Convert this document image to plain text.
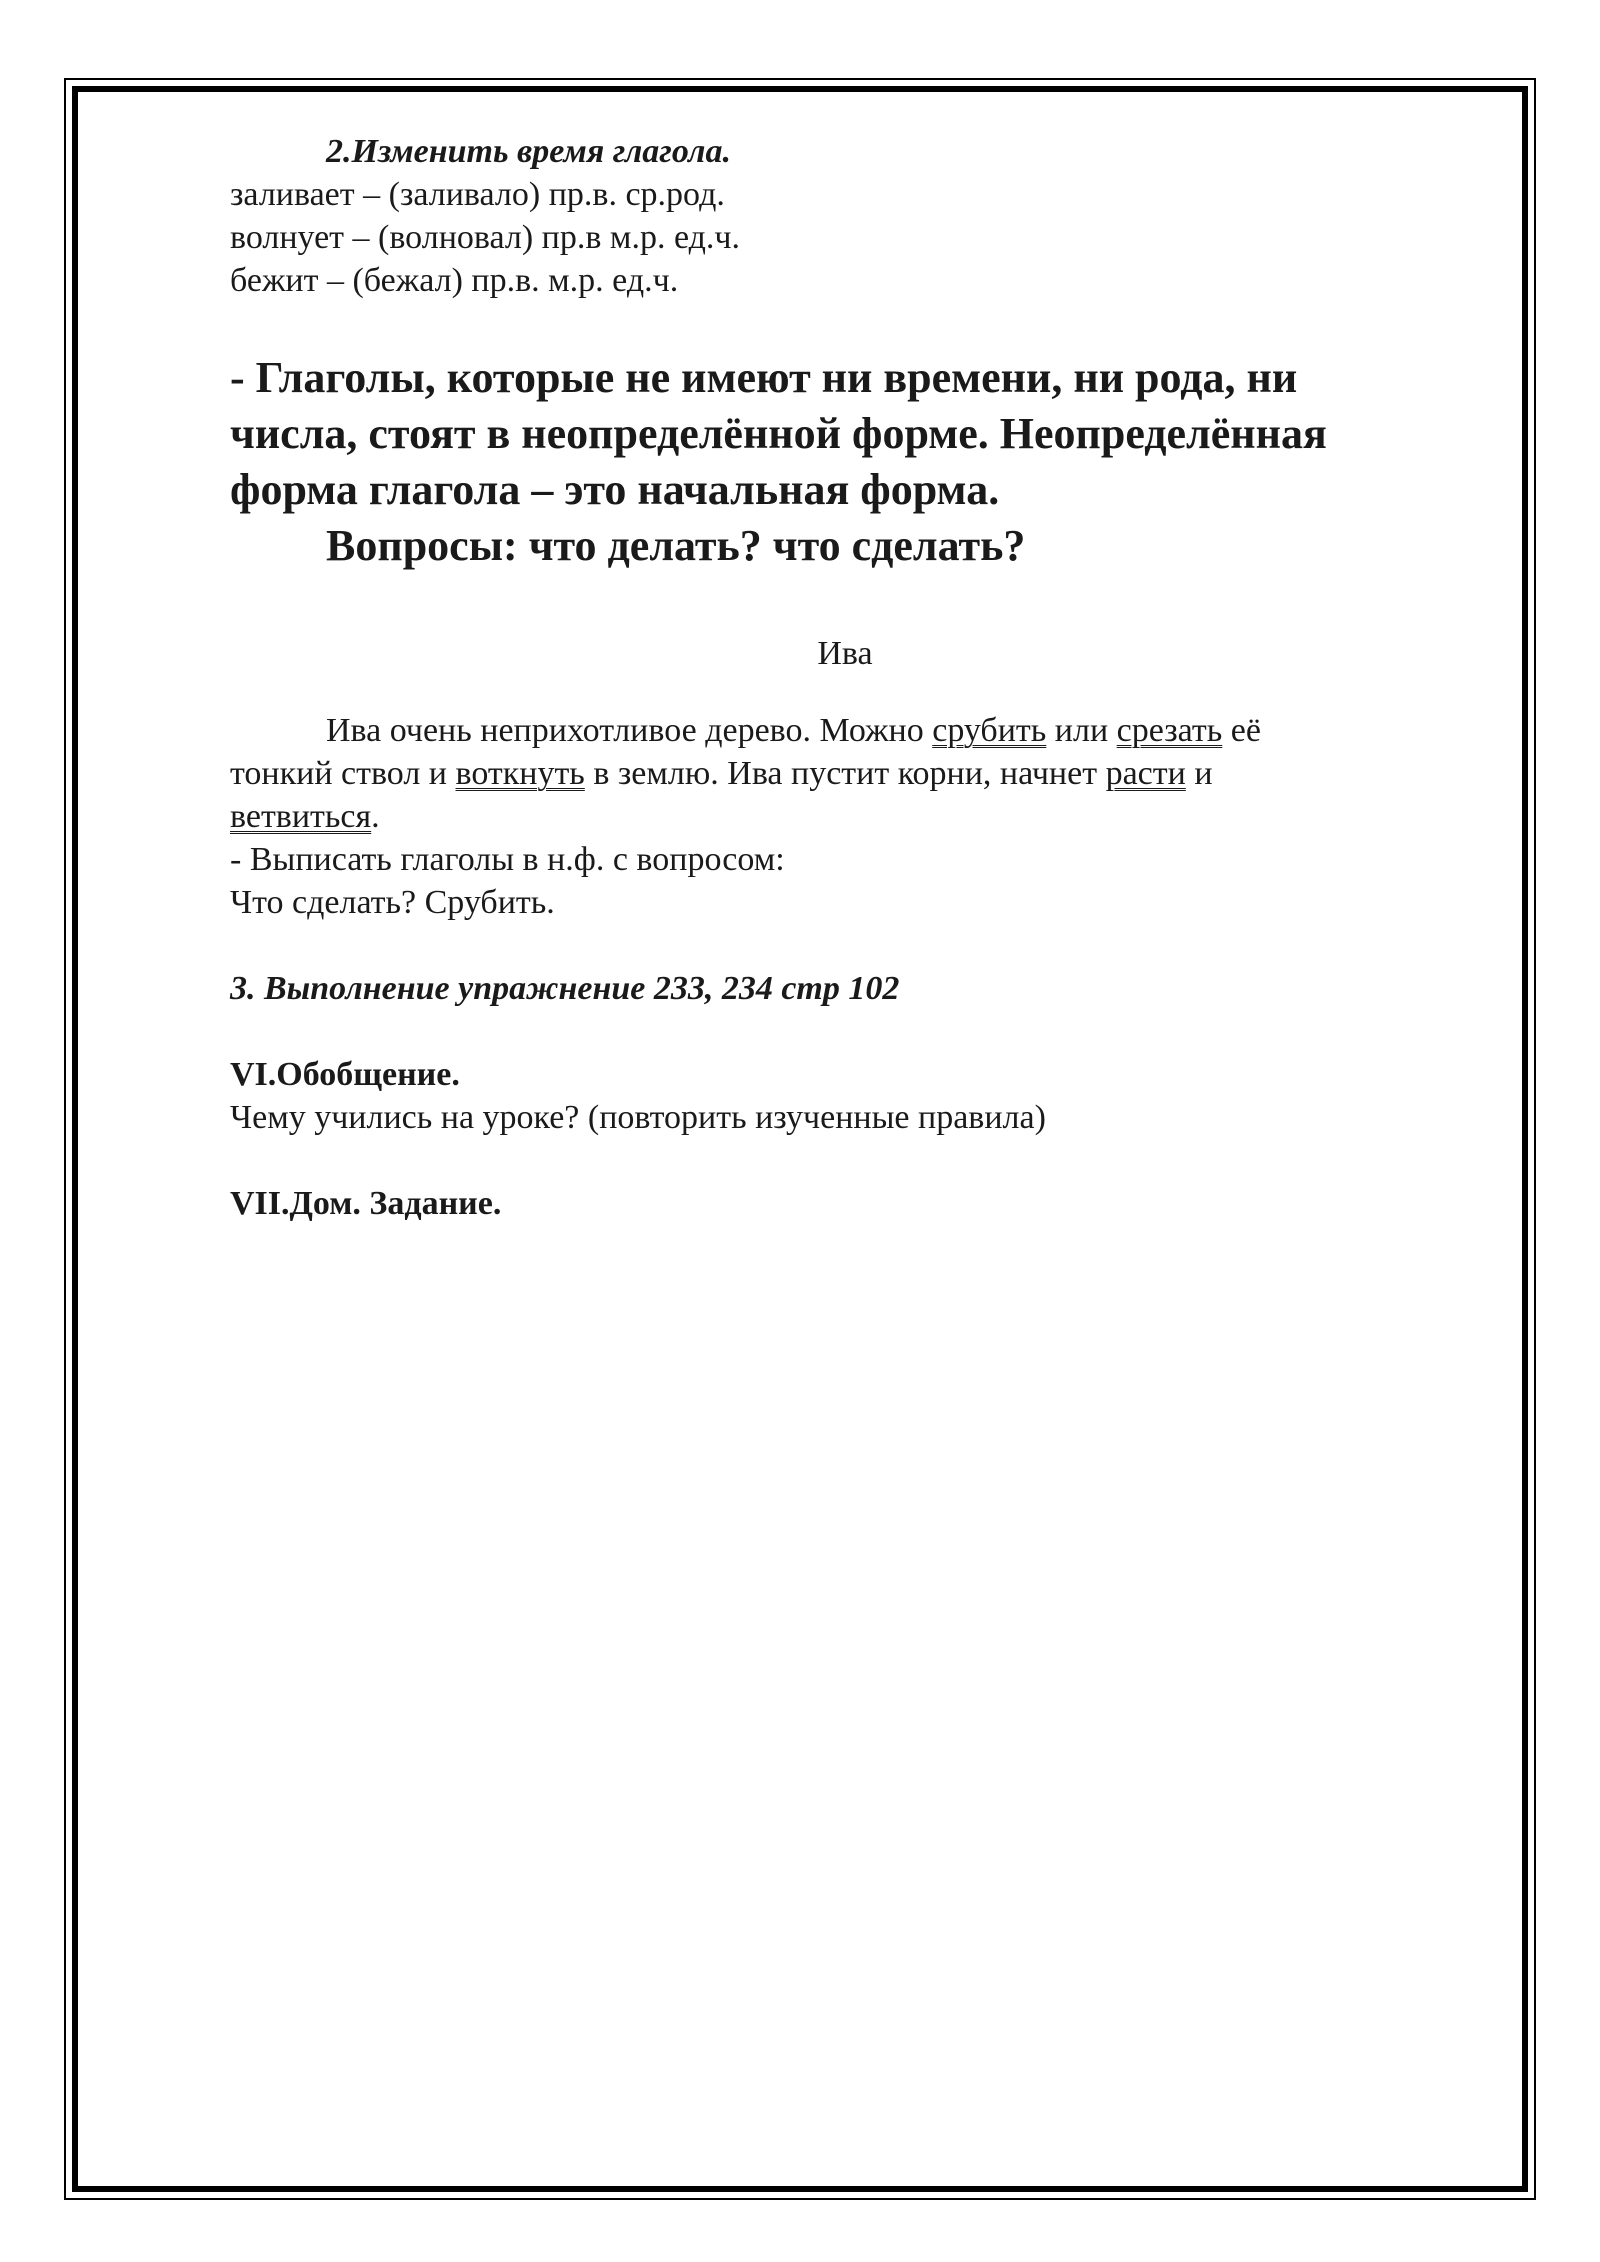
2.Изменить время глагола.

заливает – (заливало) пр.в. ср.род.

волнует – (волновал) пр.в м.р. ед.ч.

бежит – (бежал) пр.в. м.р. ед.ч.

- Глаголы, которые не имеют ни времени, ни рода, ни

числа, стоят в неопределённой форме. Неопределённая

форма глагола – это начальная форма.

Вопросы: что делать? что сделать?

Ива

Ива очень неприхотливое дерево. Можно срубить или срезать её

тонкий ствол и воткнуть в землю. Ива пустит корни, начнет расти и

ветвиться.

- Выписать глаголы в н.ф. с вопросом:

Что сделать? Срубить.

3. Выполнение упражнение 233, 234 стр 102

VI.Обобщение.

Чему учились на уроке? (повторить изученные правила)

VII.Дом. Задание.
